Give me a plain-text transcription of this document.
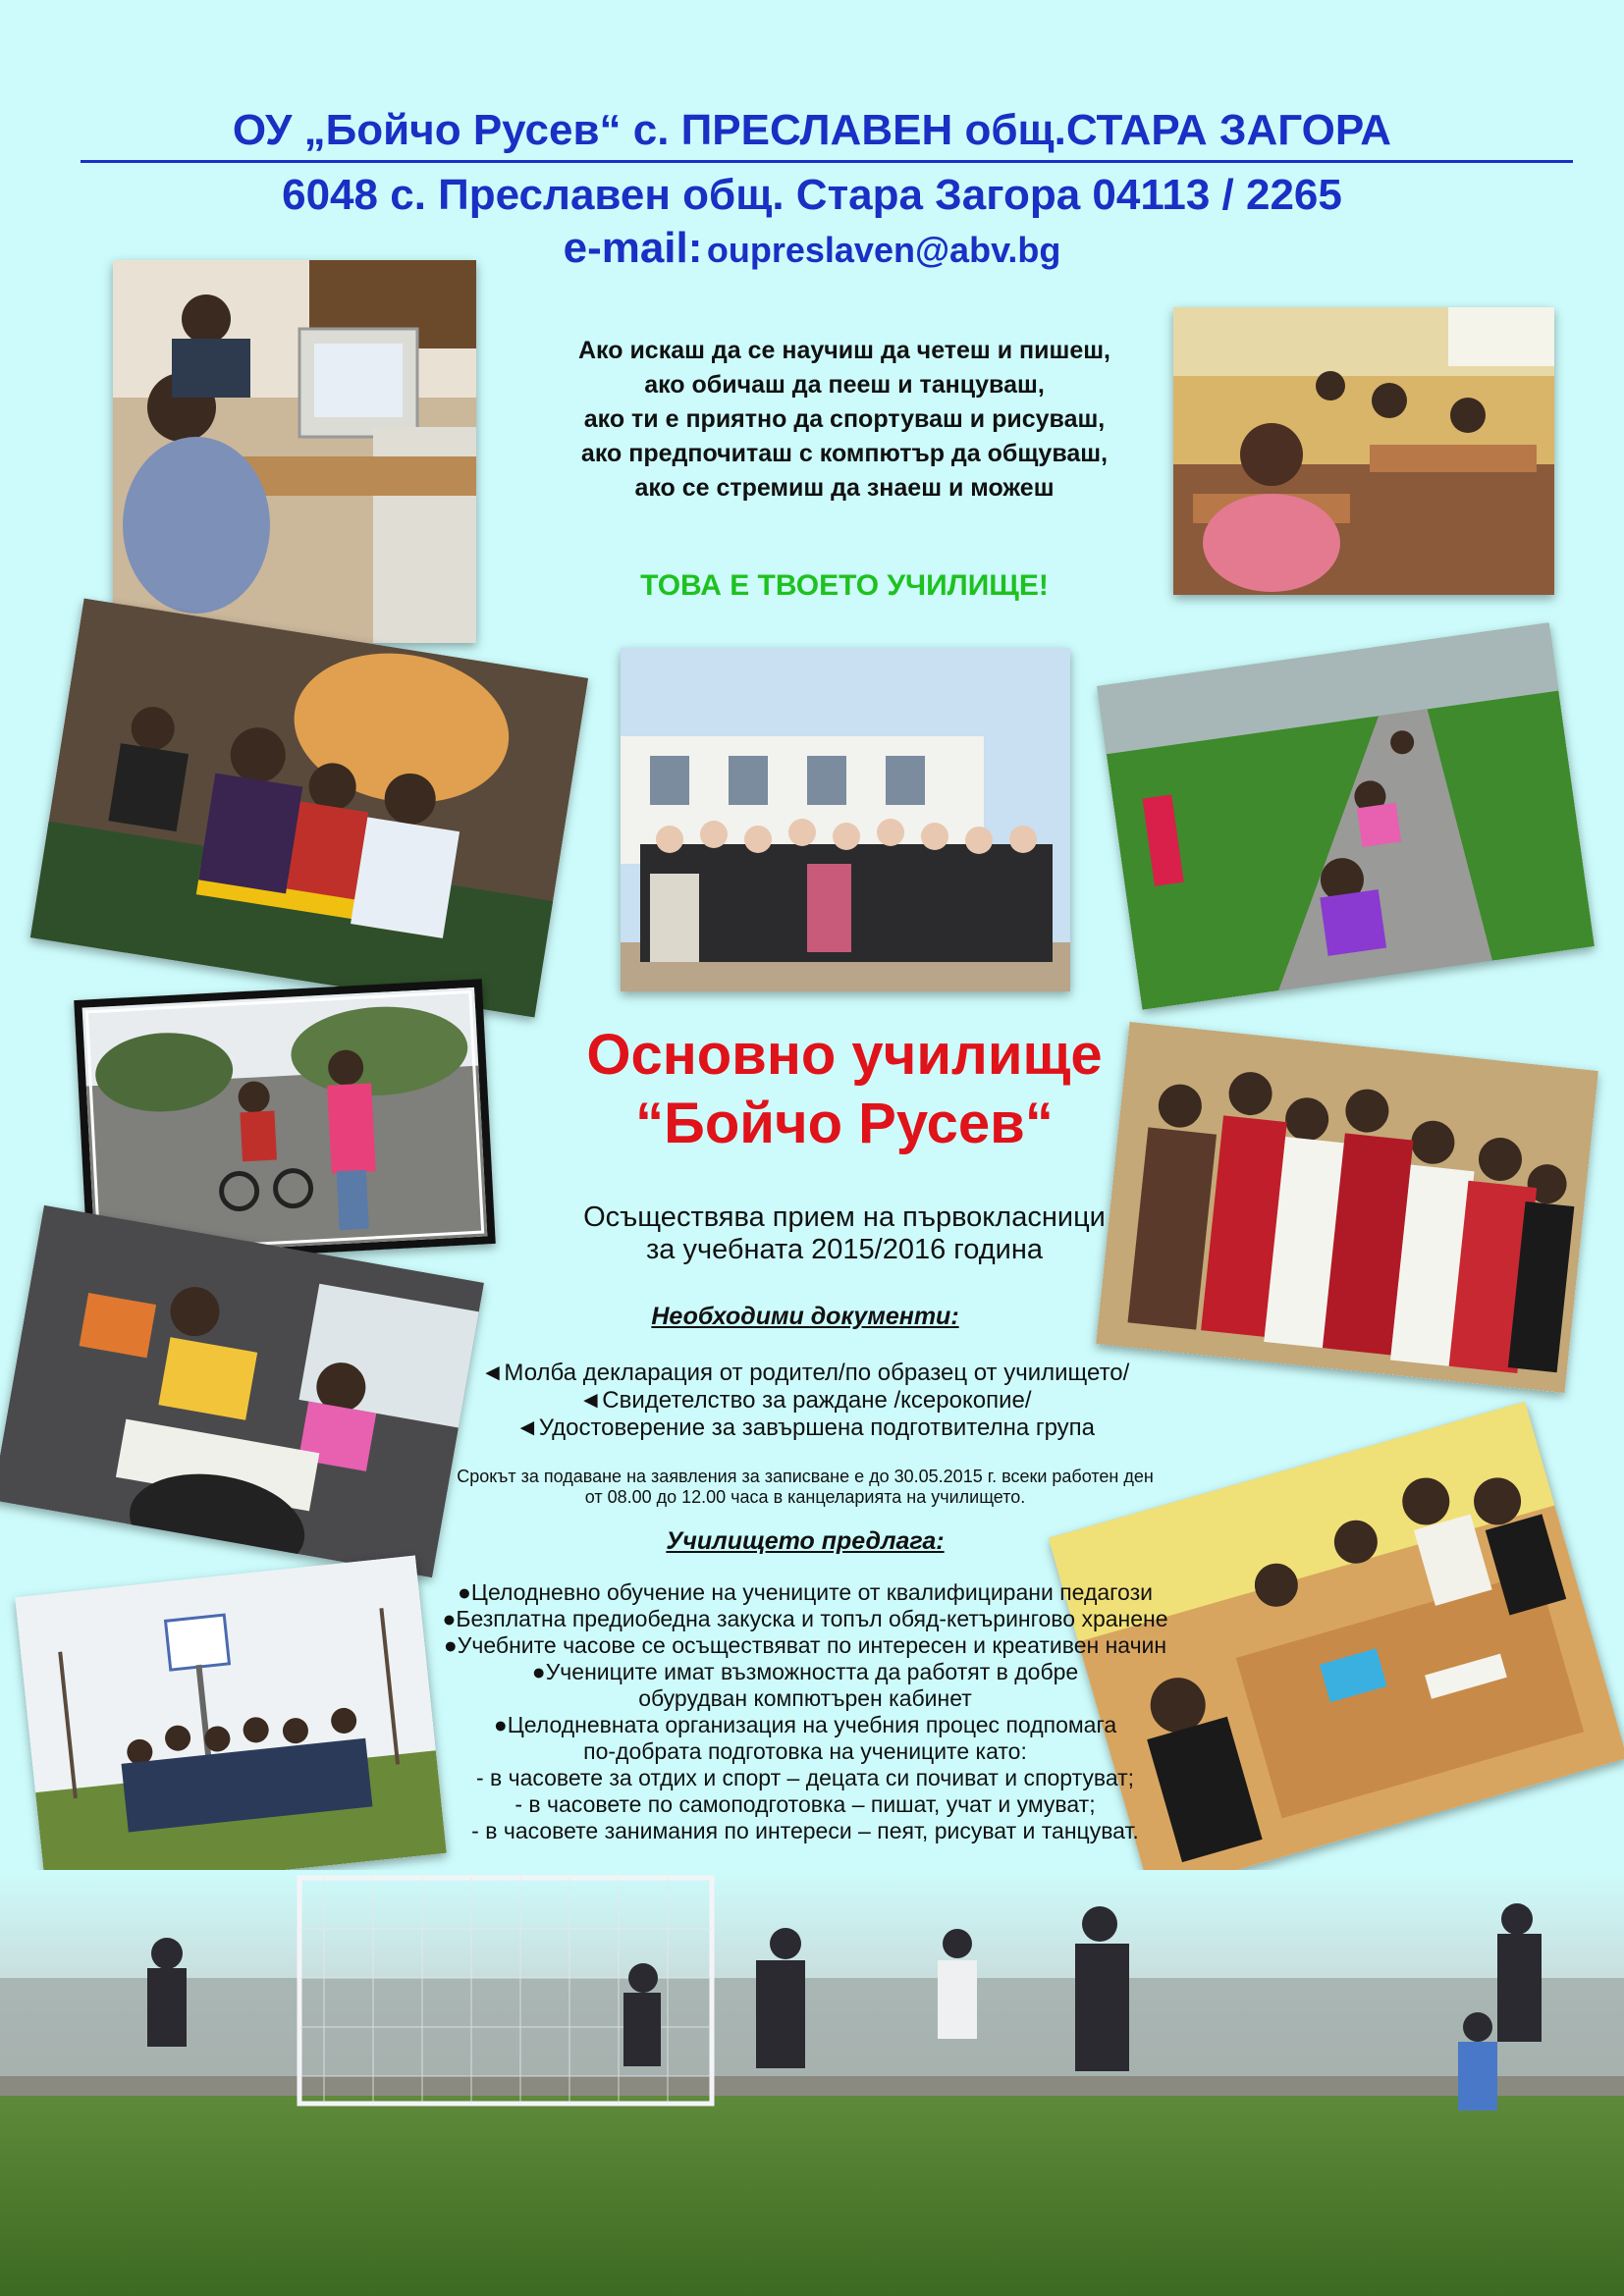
ОУ „Бойчо Русев“ с. ПРЕСЛАВЕН общ.СТАРА ЗАГОРА
6048 с. Преславен общ. Стара Загора 04113 / 2265
e-mail: oupreslaven@abv.bg
Ако искаш да се научиш да четеш и пишеш,
ако обичаш да пееш и танцуваш,
ако ти е приятно да спортуваш и рисуваш,
ако предпочиташ с компютър да общуваш,
ако се стремиш да знаеш и можеш
ТОВА Е ТВОЕТО УЧИЛИЩЕ!
Основно училище
“Бойчо Русев“
Осъществява прием на първокласници
за учебната 2015/2016 година
Необходими документи:
◄Молба декларация от родител/по образец от училището/
◄Свидетелство за раждане /ксерокопие/
◄Удостоверение за завършена подготвителна група
Срокът за подаване на заявления за записване е до 30.05.2015 г. всеки работен ден
от 08.00 до 12.00 часа в канцеларията на училището.
Училището предлага:
●Целодневно обучение на учениците от квалифицирани педагози
●Безплатна предиобедна закуска и топъл обяд-кетърингово хранене
●Учебните часове се осъществяват по интересен и креативен начин
●Учениците имат възможността да работят в добре
обурудван компютърен кабинет
●Целодневната организация на учебния процес подпомага
по-добрата подготовка на учениците като:
- в часовете за отдих и спорт – децата си почиват и спортуват;
- в часовете по самоподготовка – пишат, учат и умуват;
- в часовете занимания по интереси – пеят, рисуват и танцуват.
